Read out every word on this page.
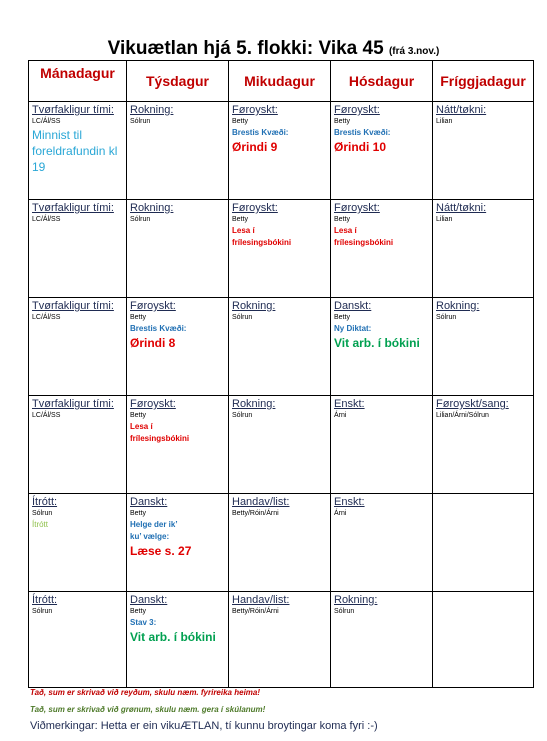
Vikuætlan hjá 5. flokki: Vika 45 (frá 3.nov.)
Mánadagur	Týsdagur	Mikudagur	Hósdagur	Fríggjadagur

Tvørfakligur tími:
LC/Ál/SS
Minnist til foreldrafundin kl 19	Rokning:
Sólrun	Føroyskt:
Betty
Brestis Kvæði:
Ørindi 9	Føroyskt:
Betty
Brestis Kvæði:
Ørindi 10	Nátt/tøkni:
Lilian

Tvørfakligur tími:
LC/Ál/SS	Rokning:
Sólrun	Føroyskt:
Betty
Lesa í
frílesingsbókini	Føroyskt:
Betty
Lesa í
frílesingsbókini	Nátt/tøkni:
Lilian

Tvørfakligur tími:
LC/Ál/SS	Føroyskt:
Betty
Brestis Kvæði:
Ørindi 8	Rokning:
Sólrun	Danskt:
Betty
Ny Diktat:
Vit arb. í bókini	Rokning:
Sólrun

Tvørfakligur tími:
LC/Ál/SS	Føroyskt:
Betty
Lesa í
frílesingsbókini	Rokning:
Sólrun	Enskt:
Árni	Føroyskt/sang:
Lilian/Árni/Sólrun

Ítrótt:
Sólrun
Ítrótt	Danskt:
Betty
Helge der ik’
ku’ vælge:
Læse s. 27	Handav/list:
Betty/Róin/Árni	Enskt:
Árni	

Ítrótt:
Sólrun	Danskt:
Betty
Stav 3:
Vit arb. í bókini	Handav/list:
Betty/Róin/Árni	Rokning:
Sólrun	

Tað, sum er skrivað við reyðum, skulu næm. fyrireika heima!
Tað, sum er skrivað við grønum, skulu næm. gera í skúlanum!
Viðmerkingar: Hetta er ein vikuÆTLAN, tí kunnu broytingar koma fyri :-)
